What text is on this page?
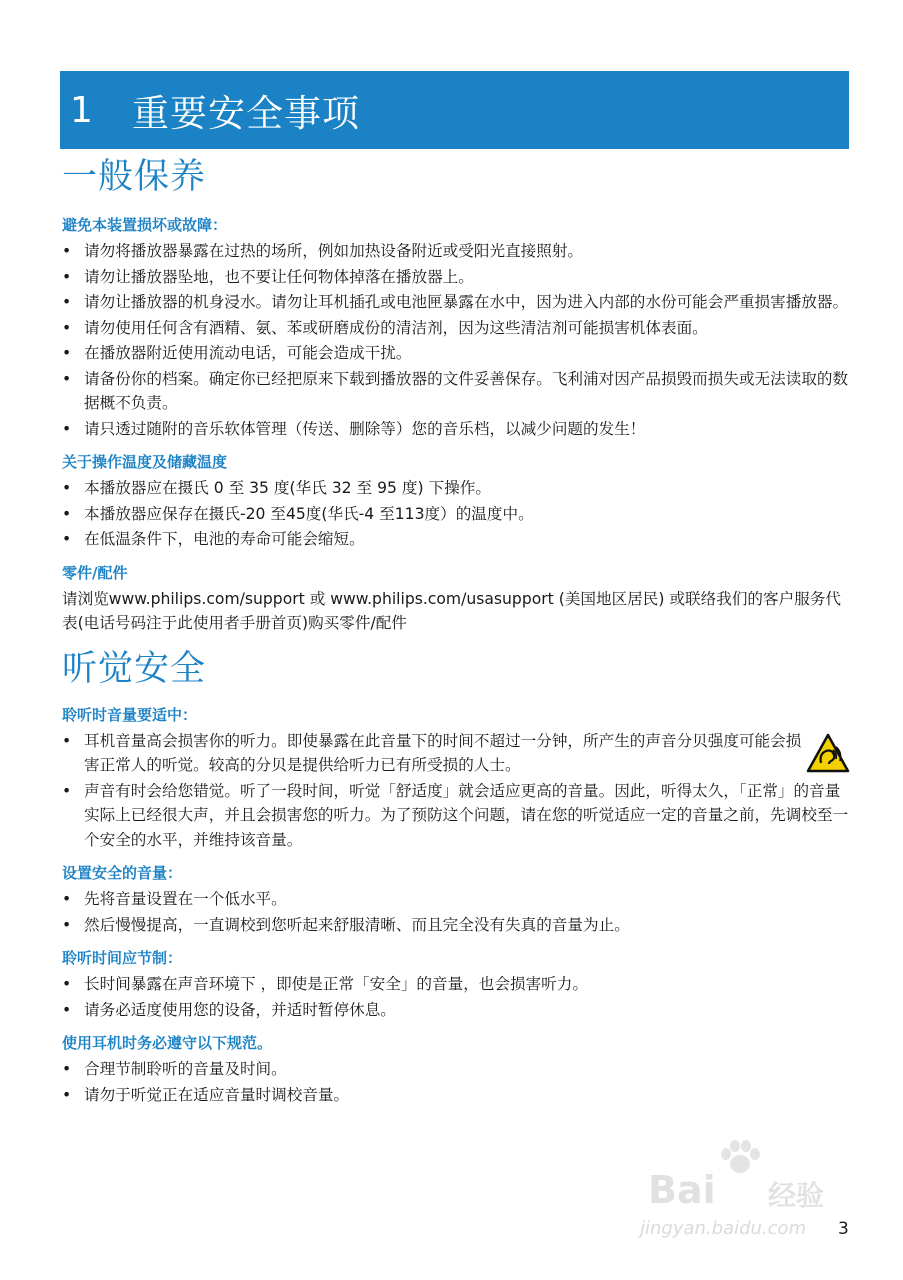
1	重要安全事项
一般保养
避免本装置损坏或故障：
• 请勿将播放器暴露在过热的场所，例如加热设备附近或受阳光直接照射。
• 请勿让播放器坠地，也不要让任何物体掉落在播放器上。
• 请勿让播放器的机身浸水。请勿让耳机插孔或电池匣暴露在水中，因为进入内部的水份可能会严重损害播放器。
• 请勿使用任何含有酒精、氨、苯或研磨成份的清洁剂，因为这些清洁剂可能损害机体表面。
• 在播放器附近使用流动电话，可能会造成干扰。
• 请备份你的档案。确定你已经把原来下载到播放器的文件妥善保存。飞利浦对因产品损毁而损失或无法读取的数据概不负责。
• 请只透过随附的音乐软体管理（传送、删除等）您的音乐档，以减少问题的发生！
关于操作温度及储藏温度
• 本播放器应在摄氏 0 至 35 度(华氏 32 至 95 度) 下操作。
• 本播放器应保存在摄氏-20 至45度(华氏-4 至113度）的温度中。
• 在低温条件下，电池的寿命可能会缩短。
零件/配件

请浏览www.philips.com/support 或 www.philips.com/usasupport (美国地区居民) 或联络我们的客户服务代表(电话号码注于此使用者手册首页)购买零件/配件

听觉安全
聆听时音量要适中：
• 耳机音量高会损害你的听力。即使暴露在此音量下的时间不超过一分钟，所产生的声音分贝强度可能会损害正常人的听觉。较高的分贝是提供给听力已有所受损的人士。
• 声音有时会给您错觉。听了一段时间，听觉「舒适度」就会适应更高的音量。因此，听得太久，「正常」的音量实际上已经很大声，并且会损害您的听力。为了预防这个问题，请在您的听觉适应一定的音量之前，先调校至一个安全的水平，并维持该音量。
设置安全的音量：
• 先将音量设置在一个低水平。
• 然后慢慢提高，一直调校到您听起来舒服清晰、而且完全没有失真的音量为止。
聆听时间应节制：
• 长时间暴露在声音环境下 ，即使是正常「安全」的音量，也会损害听力。
• 请务必适度使用您的设备，并适时暂停休息。
使用耳机时务必遵守以下规范。
• 合理节制聆听的音量及时间。
• 请勿于听觉正在适应音量时调校音量。
Bai 经验
jingyan.baidu.com 3
